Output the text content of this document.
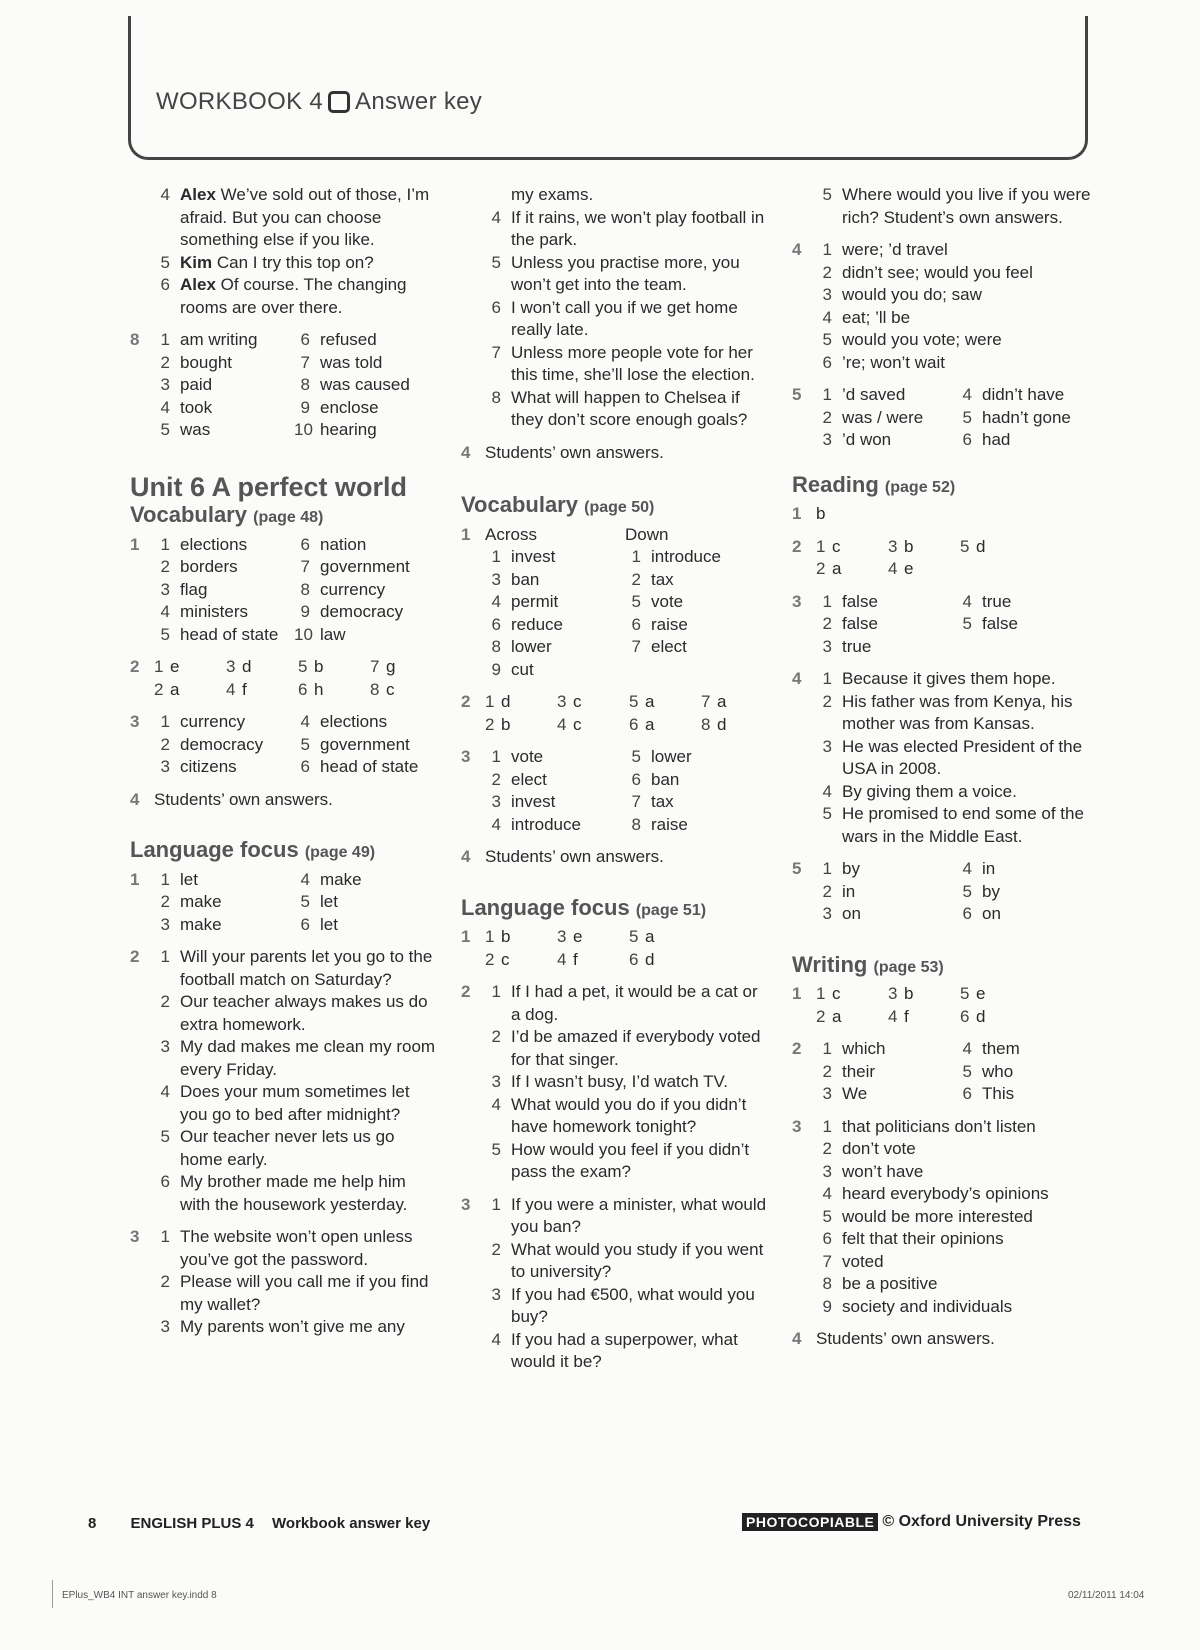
WORKBOOK 4 Answer key
4 Alex We’ve sold out of those, I’m afraid. But you can choose something else if you like.
5 Kim Can I try this top on?
6 Alex Of course. The changing rooms are over there.
8	1 am writing	6 refused
2 bought	7 was told
3 paid	8 was caused
4 took	9 enclose
5 was	10 hearing
Unit 6 A perfect world
Vocabulary (page 48)
1	1 elections	6 nation
2 borders	7 government
3 flag	8 currency
4 ministers	9 democracy
5 head of state 10 law
2 1 e	3 d	5 b	7 g
2 a	4 f	6 h	8 c
3	1 currency	4 elections
2 democracy	5 government
3 citizens	6 head of state
4 Students’ own answers.
Language focus (page 49)
1	1 let	4 make
2 make	5 let
3 make	6 let
2	1 Will your parents let you go to the football match on Saturday?
2 Our teacher always makes us do extra homework.
3 My dad makes me clean my room every Friday.
4 Does your mum sometimes let you go to bed after midnight?
5 Our teacher never lets us go home early.
6 My brother made me help him with the housework yesterday.
3	1 The website won’t open unless you’ve got the password.
2 Please will you call me if you find my wallet?
3 My parents won’t give me any
my exams.
4 If it rains, we won’t play football in the park.
5 Unless you practise more, you won’t get into the team.
6 I won’t call you if we get home really late.
7 Unless more people vote for her this time, she’ll lose the election.
8 What will happen to Chelsea if they don’t score enough goals?
4 Students’ own answers.
Vocabulary (page 50)
1 Across	Down
1 invest	1 introduce
3 ban	2 tax
4 permit	5 vote
6 reduce	6 raise
8 lower	7 elect
9 cut
2 1 d	3 c	5 a	7 a
2 b	4 c	6 a	8 d
3	1 vote	5 lower
2 elect	6 ban
3 invest	7 tax
4 introduce	8 raise
4 Students’ own answers.
Language focus (page 51)
1 1 b	3 e	5 a
2 c	4 f	6 d
2	1 If I had a pet, it would be a cat or a dog.
2 I’d be amazed if everybody voted for that singer.
3 If I wasn’t busy, I’d watch TV.
4 What would you do if you didn’t have homework tonight?
5 How would you feel if you didn’t pass the exam?
3	1 If you were a minister, what would you ban?
2 What would you study if you went to university?
3 If you had €500, what would you buy?
4 If you had a superpower, what would it be?
5 Where would you live if you were rich? Student’s own answers.
4	1 were; ’d travel
2 didn’t see; would you feel
3 would you do; saw
4 eat; ’ll be
5 would you vote; were
6 ’re; won’t wait
5	1 ’d saved	4 didn’t have
2 was / were	5 hadn’t gone
3 ’d won	6 had
Reading (page 52)
1 b
2 1 c	3 b	5 d
2 a	4 e
3	1 false	4 true
2 false	5 false
3 true
4	1 Because it gives them hope.
2 His father was from Kenya, his mother was from Kansas.
3 He was elected President of the USA in 2008.
4 By giving them a voice.
5 He promised to end some of the wars in the Middle East.
5	1 by	4 in
2 in	5 by
3 on	6 on
Writing (page 53)
1 1 c	3 b	5 e
2 a	4 f	6 d
2	1 which	4 them
2 their	5 who
3 We	6 This
3	1 that politicians don’t listen
2 don’t vote
3 won’t have
4 heard everybody’s opinions
5 would be more interested
6 felt that their opinions
7 voted
8 be a positive
9 society and individuals
4 Students’ own answers.
8 ENGLISH PLUS 4 Workbook answer key	PHOTOCOPIABLE © Oxford University Press
EPlus_WB4 INT answer key.indd 8	02/11/2011 14:04
